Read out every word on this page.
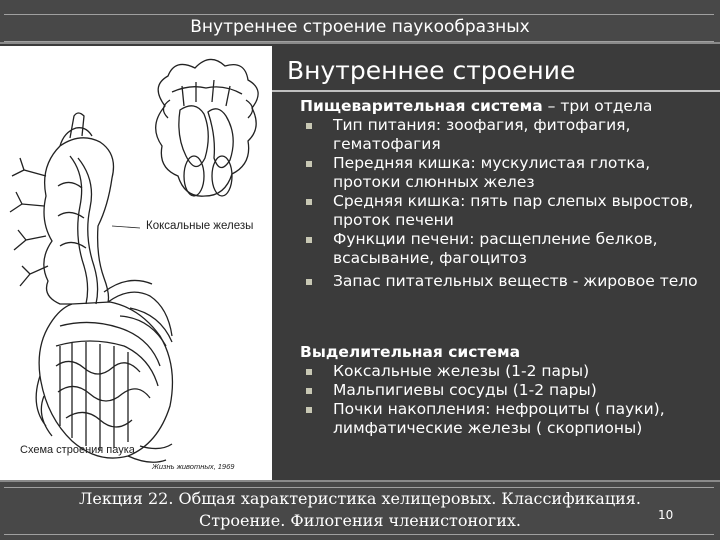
Внутреннее строение паукообразных
Коксальные железы
Схема строения паука
Жизнь животных, 1969
Внутреннее строение
Пищеварительная система – три отдела
Тип питания: зоофагия, фитофагия,
гематофагия
Передняя кишка: мускулистая глотка,
протоки слюнных желез
Средняя кишка: пять пар слепых выростов,
проток печени
Функции печени: расщепление белков,
всасывание, фагоцитоз
Запас питательных веществ - жировое тело
Выделительная система
Коксальные железы (1-2 пары)
Мальпигиевы сосуды (1-2 пары)
Почки накопления: нефроциты ( пауки),
лимфатические железы ( скорпионы)
Лекция 22. Общая характеристика хелицеровых. Классификация.
Строение. Филогения членистоногих.	10
